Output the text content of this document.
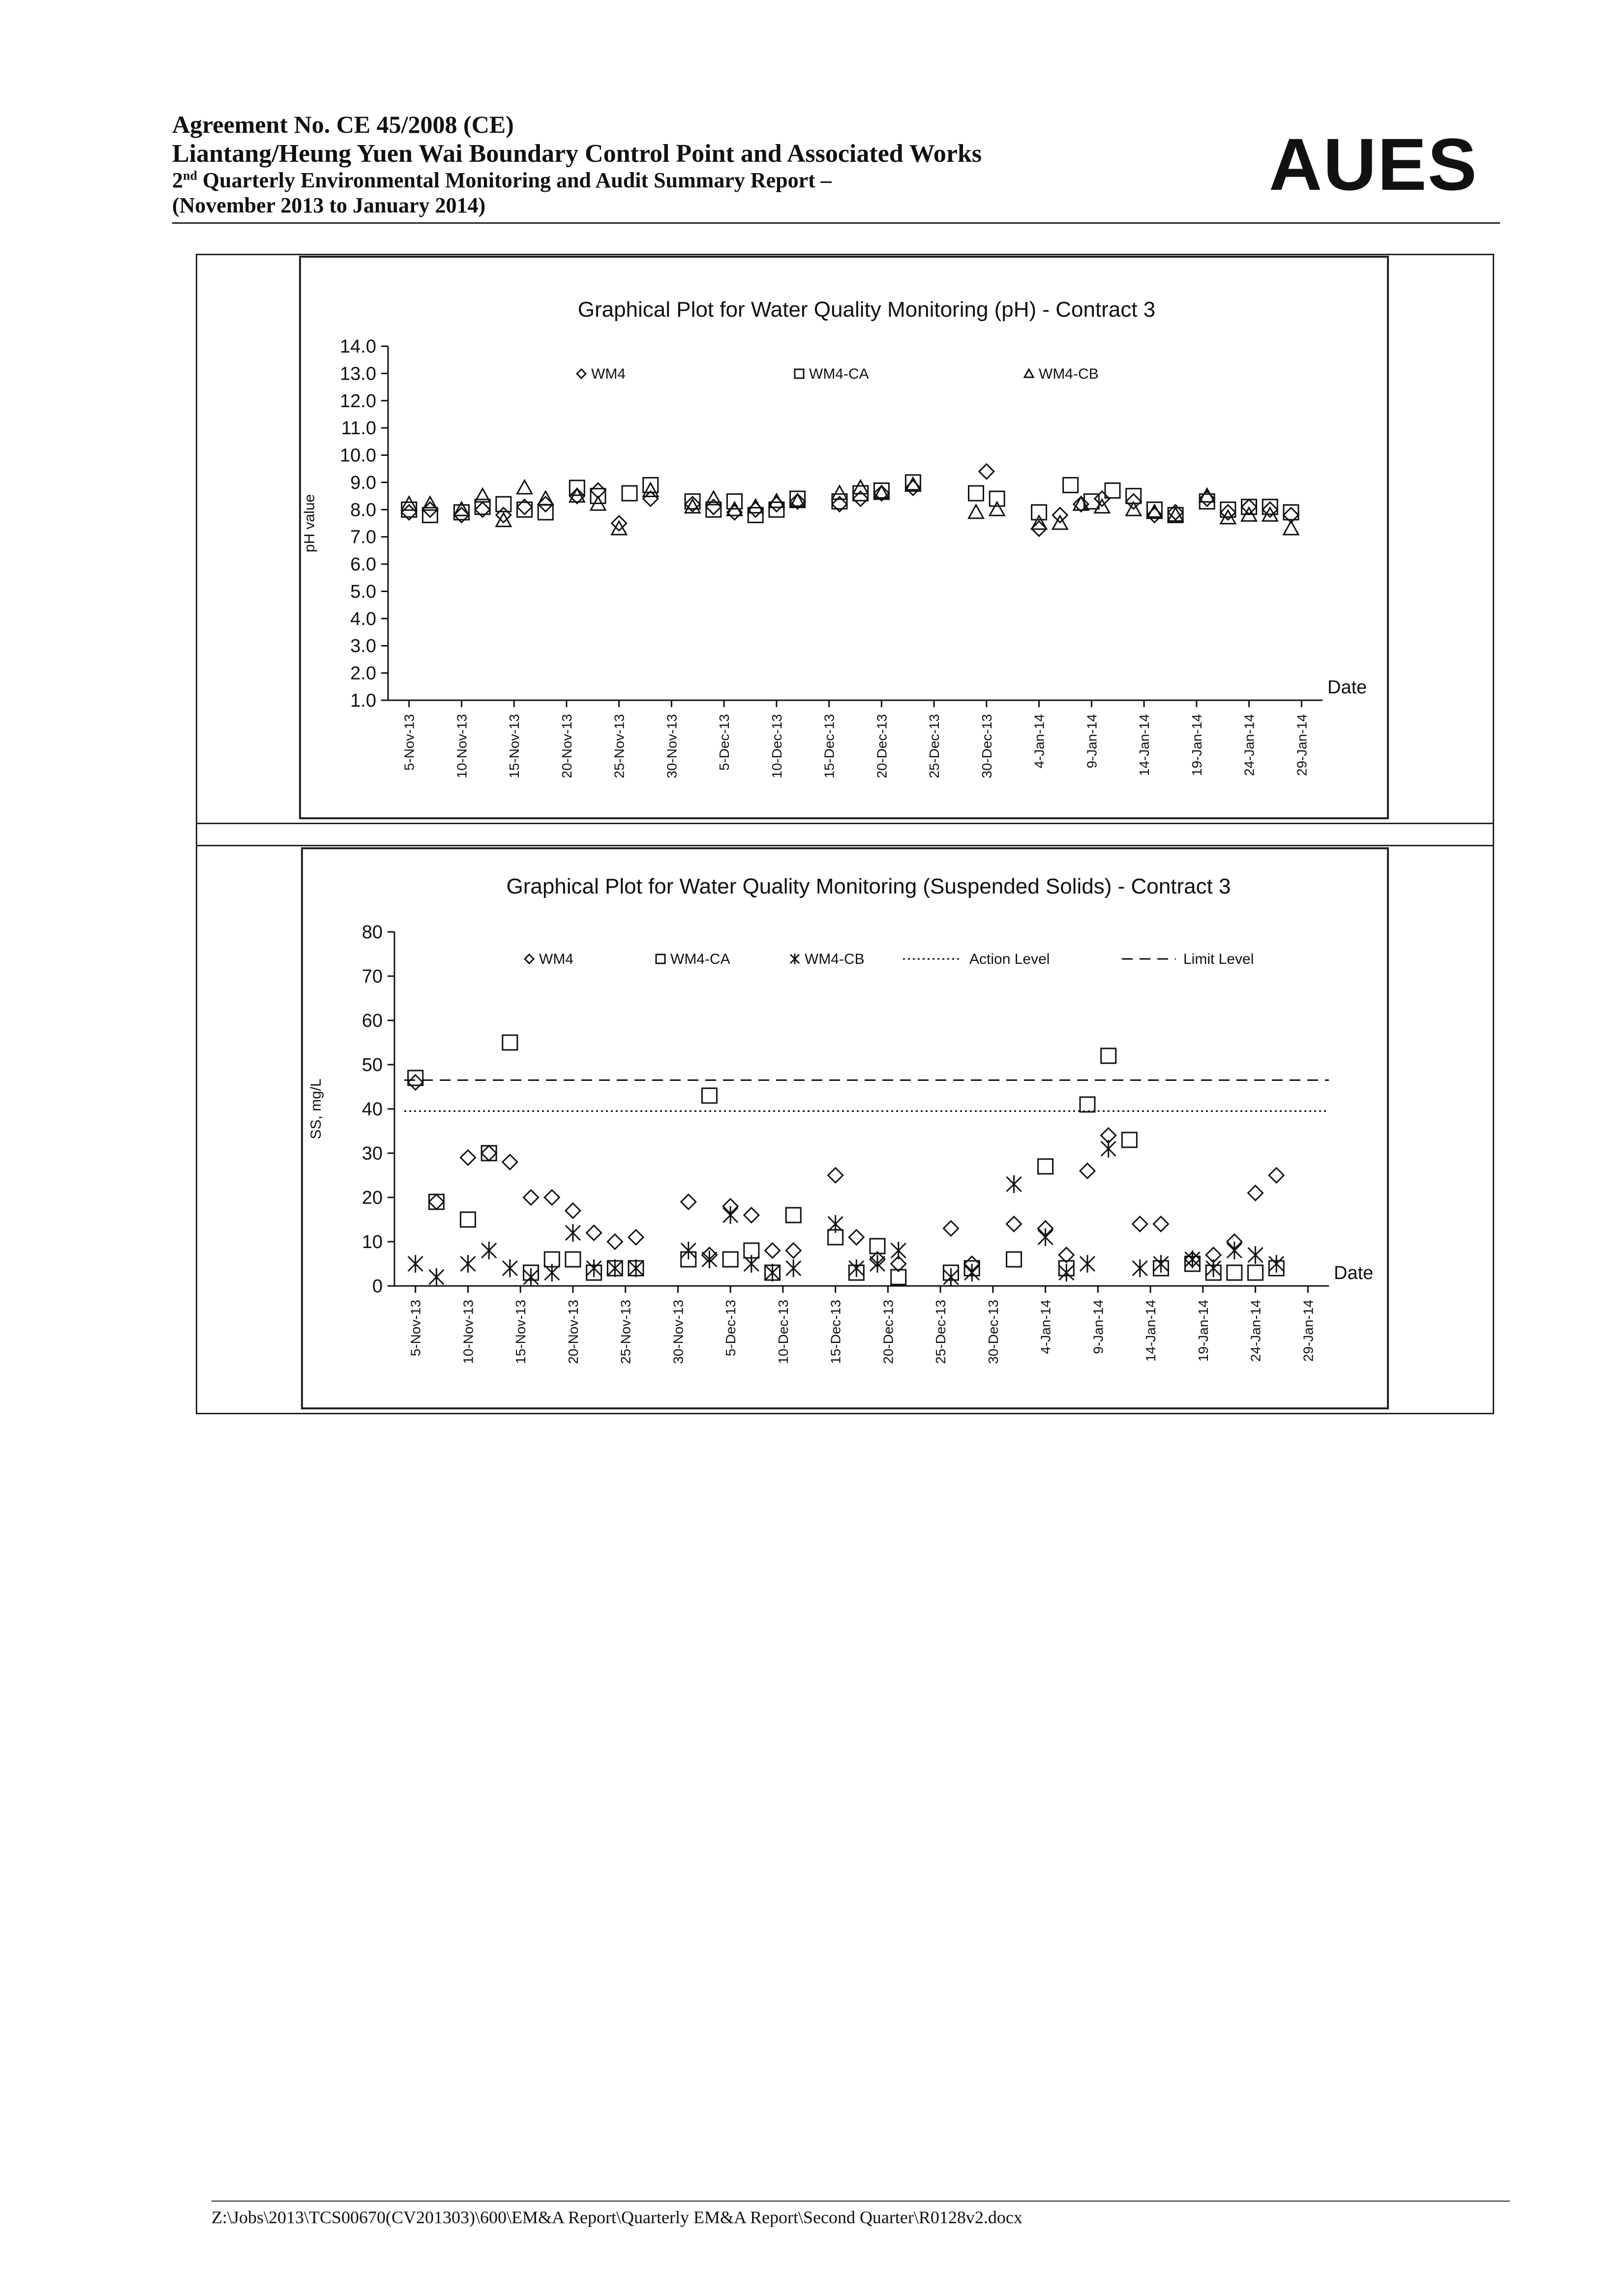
Agreement No. CE 45/2008 (CE)
Liantang/Heung Yuen Wai Boundary Control Point and Associated Works
2nd Quarterly Environmental Monitoring and Audit Summary Report –
(November 2013 to January 2014)	AUES
Graphical Plot for Water Quality Monitoring (pH) - Contract 3
pH value
Date
1.0
2.0
3.0
4.0
5.0
6.0
7.0
8.0
9.0
10.0
11.0
12.0
13.0
14.0
5-Nov-13	10-Nov-13	15-Nov-13	20-Nov-13	25-Nov-13	30-Nov-13	5-Dec-13	10-Dec-13	15-Dec-13	20-Dec-13	25-Dec-13	30-Dec-13	4-Jan-14	9-Jan-14	14-Jan-14	19-Jan-14	24-Jan-14	29-Jan-14
WM4	WM4-CA	WM4-CB
Graphical Plot for Water Quality Monitoring (Suspended Solids) - Contract 3
SS, mg/L
Date
0
10
20
30
40
50
60
70
80
5-Nov-13	10-Nov-13	15-Nov-13	20-Nov-13	25-Nov-13	30-Nov-13	5-Dec-13	10-Dec-13	15-Dec-13	20-Dec-13	25-Dec-13	30-Dec-13	4-Jan-14	9-Jan-14	14-Jan-14	19-Jan-14	24-Jan-14	29-Jan-14
WM4	WM4-CA	WM4-CB	Action Level	Limit Level
Z:\Jobs\2013\TCS00670(CV201303)\600\EM&A Report\Quarterly EM&A Report\Second Quarter\R0128v2.docx
